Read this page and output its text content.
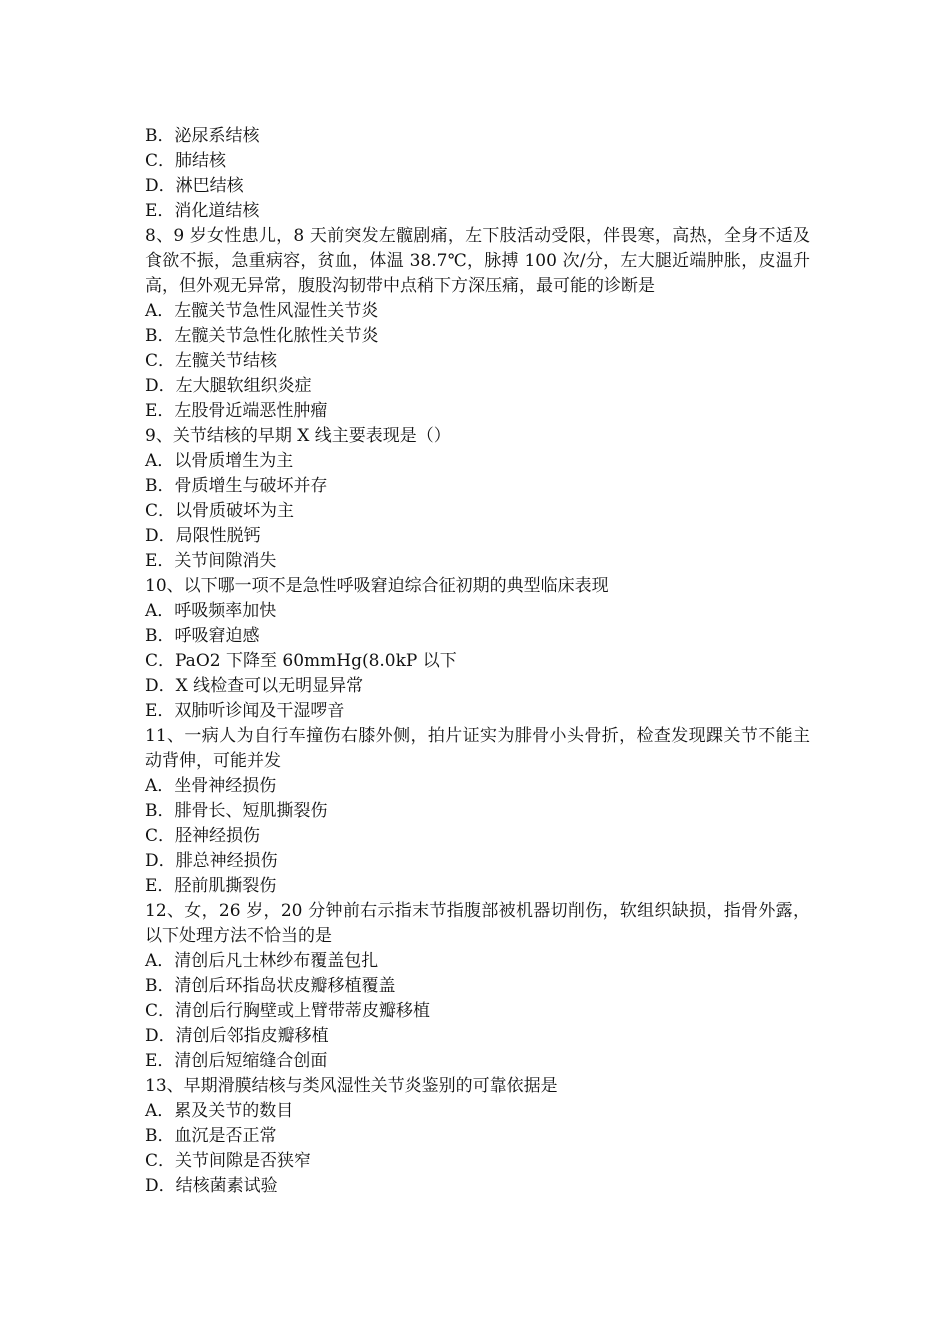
B．泌尿系结核

C．肺结核

D．淋巴结核

E．消化道结核

8、9 岁女性患儿，8 天前突发左髋剧痛，左下肢活动受限，伴畏寒，高热，全身不适及食欲不振，急重病容，贫血，体温 38.7℃，脉搏 100 次/分，左大腿近端肿胀，皮温升高，但外观无异常，腹股沟韧带中点稍下方深压痛，最可能的诊断是

A．左髋关节急性风湿性关节炎

B．左髋关节急性化脓性关节炎

C．左髋关节结核

D．左大腿软组织炎症

E．左股骨近端恶性肿瘤

9、关节结核的早期 X 线主要表现是（）

A．以骨质增生为主

B．骨质增生与破坏并存

C．以骨质破坏为主

D．局限性脱钙

E．关节间隙消失

10、以下哪一项不是急性呼吸窘迫综合征初期的典型临床表现

A．呼吸频率加快

B．呼吸窘迫感

C．PaO2 下降至 60mmHg(8.0kP 以下

D．X 线检查可以无明显异常

E．双肺听诊闻及干湿啰音

11、一病人为自行车撞伤右膝外侧，拍片证实为腓骨小头骨折，检查发现踝关节不能主动背伸，可能并发

A．坐骨神经损伤

B．腓骨长、短肌撕裂伤

C．胫神经损伤

D．腓总神经损伤

E．胫前肌撕裂伤

12、女，26 岁，20 分钟前右示指末节指腹部被机器切削伤，软组织缺损，指骨外露，以下处理方法不恰当的是

A．清创后凡士林纱布覆盖包扎

B．清创后环指岛状皮瓣移植覆盖

C．清创后行胸壁或上臂带蒂皮瓣移植

D．清创后邻指皮瓣移植

E．清创后短缩缝合创面

13、早期滑膜结核与类风湿性关节炎鉴别的可靠依据是

A．累及关节的数目

B．血沉是否正常

C．关节间隙是否狭窄

D．结核菌素试验
